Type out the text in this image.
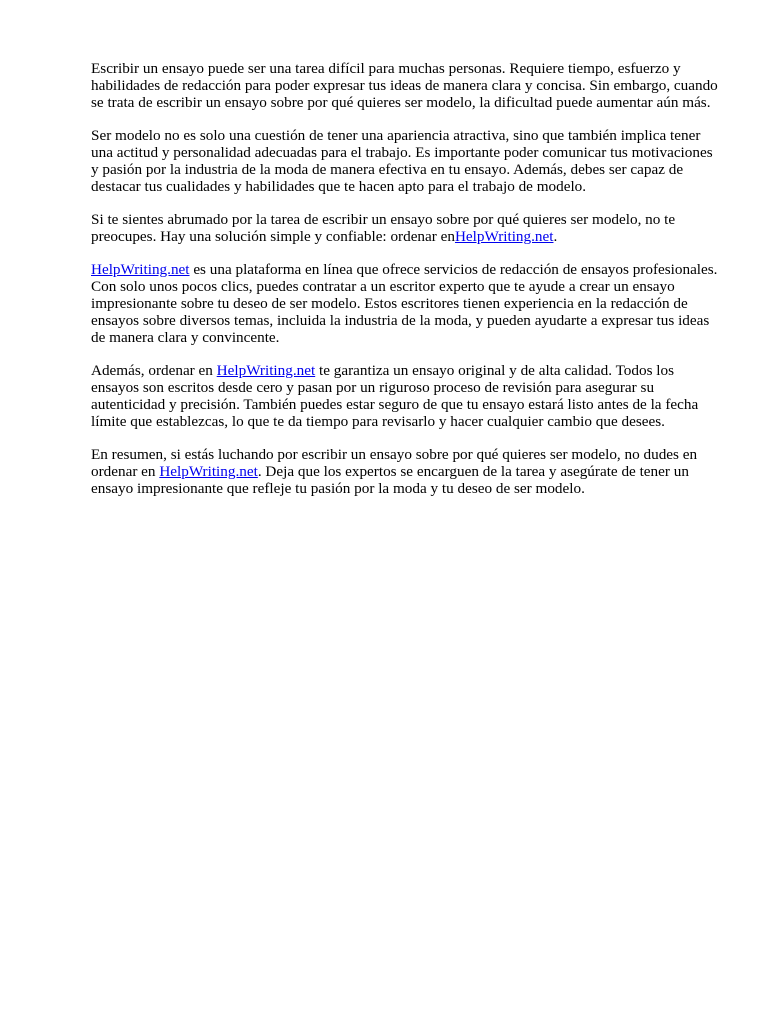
Escribir un ensayo puede ser una tarea difícil para muchas personas. Requiere tiempo, esfuerzo y habilidades de redacción para poder expresar tus ideas de manera clara y concisa. Sin embargo, cuando se trata de escribir un ensayo sobre por qué quieres ser modelo, la dificultad puede aumentar aún más.

Ser modelo no es solo una cuestión de tener una apariencia atractiva, sino que también implica tener una actitud y personalidad adecuadas para el trabajo. Es importante poder comunicar tus motivaciones y pasión por la industria de la moda de manera efectiva en tu ensayo. Además, debes ser capaz de destacar tus cualidades y habilidades que te hacen apto para el trabajo de modelo.

Si te sientes abrumado por la tarea de escribir un ensayo sobre por qué quieres ser modelo, no te preocupes. Hay una solución simple y confiable: ordenar enHelpWriting.net.

HelpWriting.net es una plataforma en línea que ofrece servicios de redacción de ensayos profesionales. Con solo unos pocos clics, puedes contratar a un escritor experto que te ayude a crear un ensayo impresionante sobre tu deseo de ser modelo. Estos escritores tienen experiencia en la redacción de ensayos sobre diversos temas, incluida la industria de la moda, y pueden ayudarte a expresar tus ideas de manera clara y convincente.

Además, ordenar en HelpWriting.net te garantiza un ensayo original y de alta calidad. Todos los ensayos son escritos desde cero y pasan por un riguroso proceso de revisión para asegurar su autenticidad y precisión. También puedes estar seguro de que tu ensayo estará listo antes de la fecha límite que establezcas, lo que te da tiempo para revisarlo y hacer cualquier cambio que desees.

En resumen, si estás luchando por escribir un ensayo sobre por qué quieres ser modelo, no dudes en ordenar en HelpWriting.net. Deja que los expertos se encarguen de la tarea y asegúrate de tener un ensayo impresionante que refleje tu pasión por la moda y tu deseo de ser modelo.
